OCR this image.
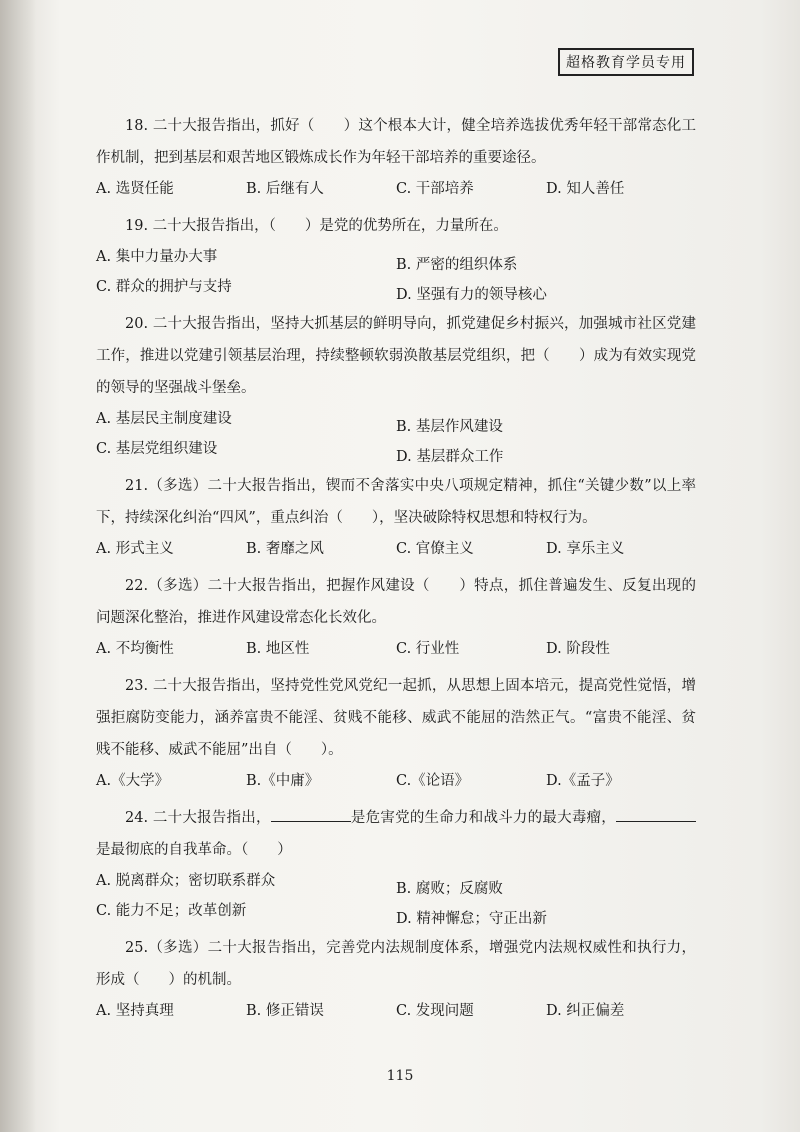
超格教育学员专用
18. 二十大报告指出，抓好（　　）这个根本大计，健全培养选拔优秀年轻干部常态化工作机制，把到基层和艰苦地区锻炼成长作为年轻干部培养的重要途径。
A. 选贤任能	B. 后继有人	C. 干部培养	D. 知人善任
19. 二十大报告指出，（　　）是党的优势所在，力量所在。
A. 集中力量办大事	B. 严密的组织体系
C. 群众的拥护与支持	D. 坚强有力的领导核心
20. 二十大报告指出，坚持大抓基层的鲜明导向，抓党建促乡村振兴，加强城市社区党建工作，推进以党建引领基层治理，持续整顿软弱涣散基层党组织，把（　　）成为有效实现党的领导的坚强战斗堡垒。
A. 基层民主制度建设	B. 基层作风建设
C. 基层党组织建设	D. 基层群众工作
21.（多选）二十大报告指出，锲而不舍落实中央八项规定精神，抓住“关键少数”以上率下，持续深化纠治“四风”，重点纠治（　　），坚决破除特权思想和特权行为。
A. 形式主义	B. 奢靡之风	C. 官僚主义	D. 享乐主义
22.（多选）二十大报告指出，把握作风建设（　　）特点，抓住普遍发生、反复出现的问题深化整治，推进作风建设常态化长效化。
A. 不均衡性	B. 地区性	C. 行业性	D. 阶段性
23. 二十大报告指出，坚持党性党风党纪一起抓，从思想上固本培元，提高党性觉悟，增强拒腐防变能力，涵养富贵不能淫、贫贱不能移、威武不能屈的浩然正气。“富贵不能淫、贫贱不能移、威武不能屈”出自（　　）。
A.《大学》	B.《中庸》	C.《论语》	D.《孟子》
24. 二十大报告指出，	是危害党的生命力和战斗力的最大毒瘤，是最彻底的自我革命。（　　）
A. 脱离群众；密切联系群众	B. 腐败；反腐败
C. 能力不足；改革创新	D. 精神懈怠；守正出新
25.（多选）二十大报告指出，完善党内法规制度体系，增强党内法规权威性和执行力，形成（　　）的机制。
A. 坚持真理	B. 修正错误	C. 发现问题	D. 纠正偏差
115
